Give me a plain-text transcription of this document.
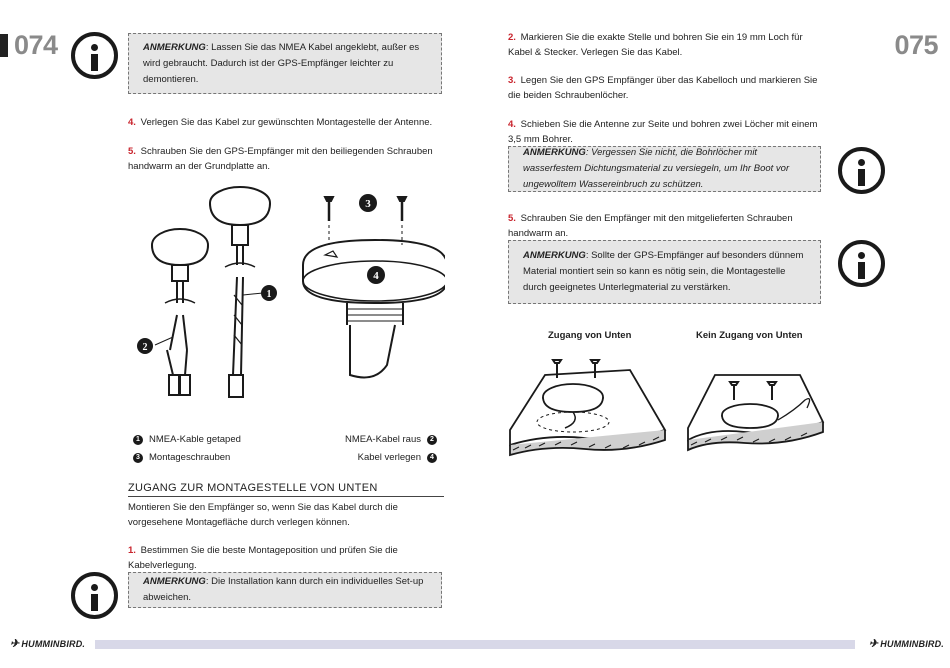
074	075
ANMERKUNG: Lassen Sie das NMEA Kabel angeklebt, außer es wird gebraucht. Dadurch ist der GPS-Empfänger leichter zu demontieren.
ANMERKUNG: Vergessen Sie nicht, die Bohrlöcher mit wasserfestem Dichtungsmaterial zu versiegeln, um Ihr Boot vor ungewolltem Wassereinbruch zu schützen.
ANMERKUNG: Sollte der GPS-Empfänger auf besonders dünnem Material montiert sein so kann es nötig sein, die Montagestelle durch geeignetes Unterlegmaterial zu verstärken.
ANMERKUNG: Die Installation kann durch ein individuelles Set-up abweichen.
4. Verlegen Sie das Kabel zur gewünschten Montagestelle der Antenne.
5. Schrauben Sie den GPS-Empfänger mit den beiliegenden Schrauben handwarm an der Grundplatte an.
1
2
3
4
1 NMEA-Kable getaped	NMEA-Kabel raus	2
3 Montageschrauben	Kabel verlegen	4
ZUGANG ZUR MONTAGESTELLE VON UNTEN
Montieren Sie den Empfänger so, wenn Sie das Kabel durch die vorgesehene Montagefläche durch verlegen können.
1. Bestimmen Sie die beste Montageposition und prüfen Sie die Kabelverlegung.
2. Markieren Sie die exakte Stelle und bohren Sie ein 19 mm Loch für Kabel & Stecker. Verlegen Sie das Kabel.
3. Legen Sie den GPS Empfänger über das Kabelloch und markieren Sie die beiden Schraubenlöcher.
4. Schieben Sie die Antenne zur Seite und bohren zwei Löcher mit einem 3,5 mm Bohrer.
5. Schrauben Sie den Empfänger mit den mitgelieferten Schrauben handwarm an.
Zugang von Unten	Kein Zugang von Unten
✈ HUMMINBIRD.	✈ HUMMINBIRD.
